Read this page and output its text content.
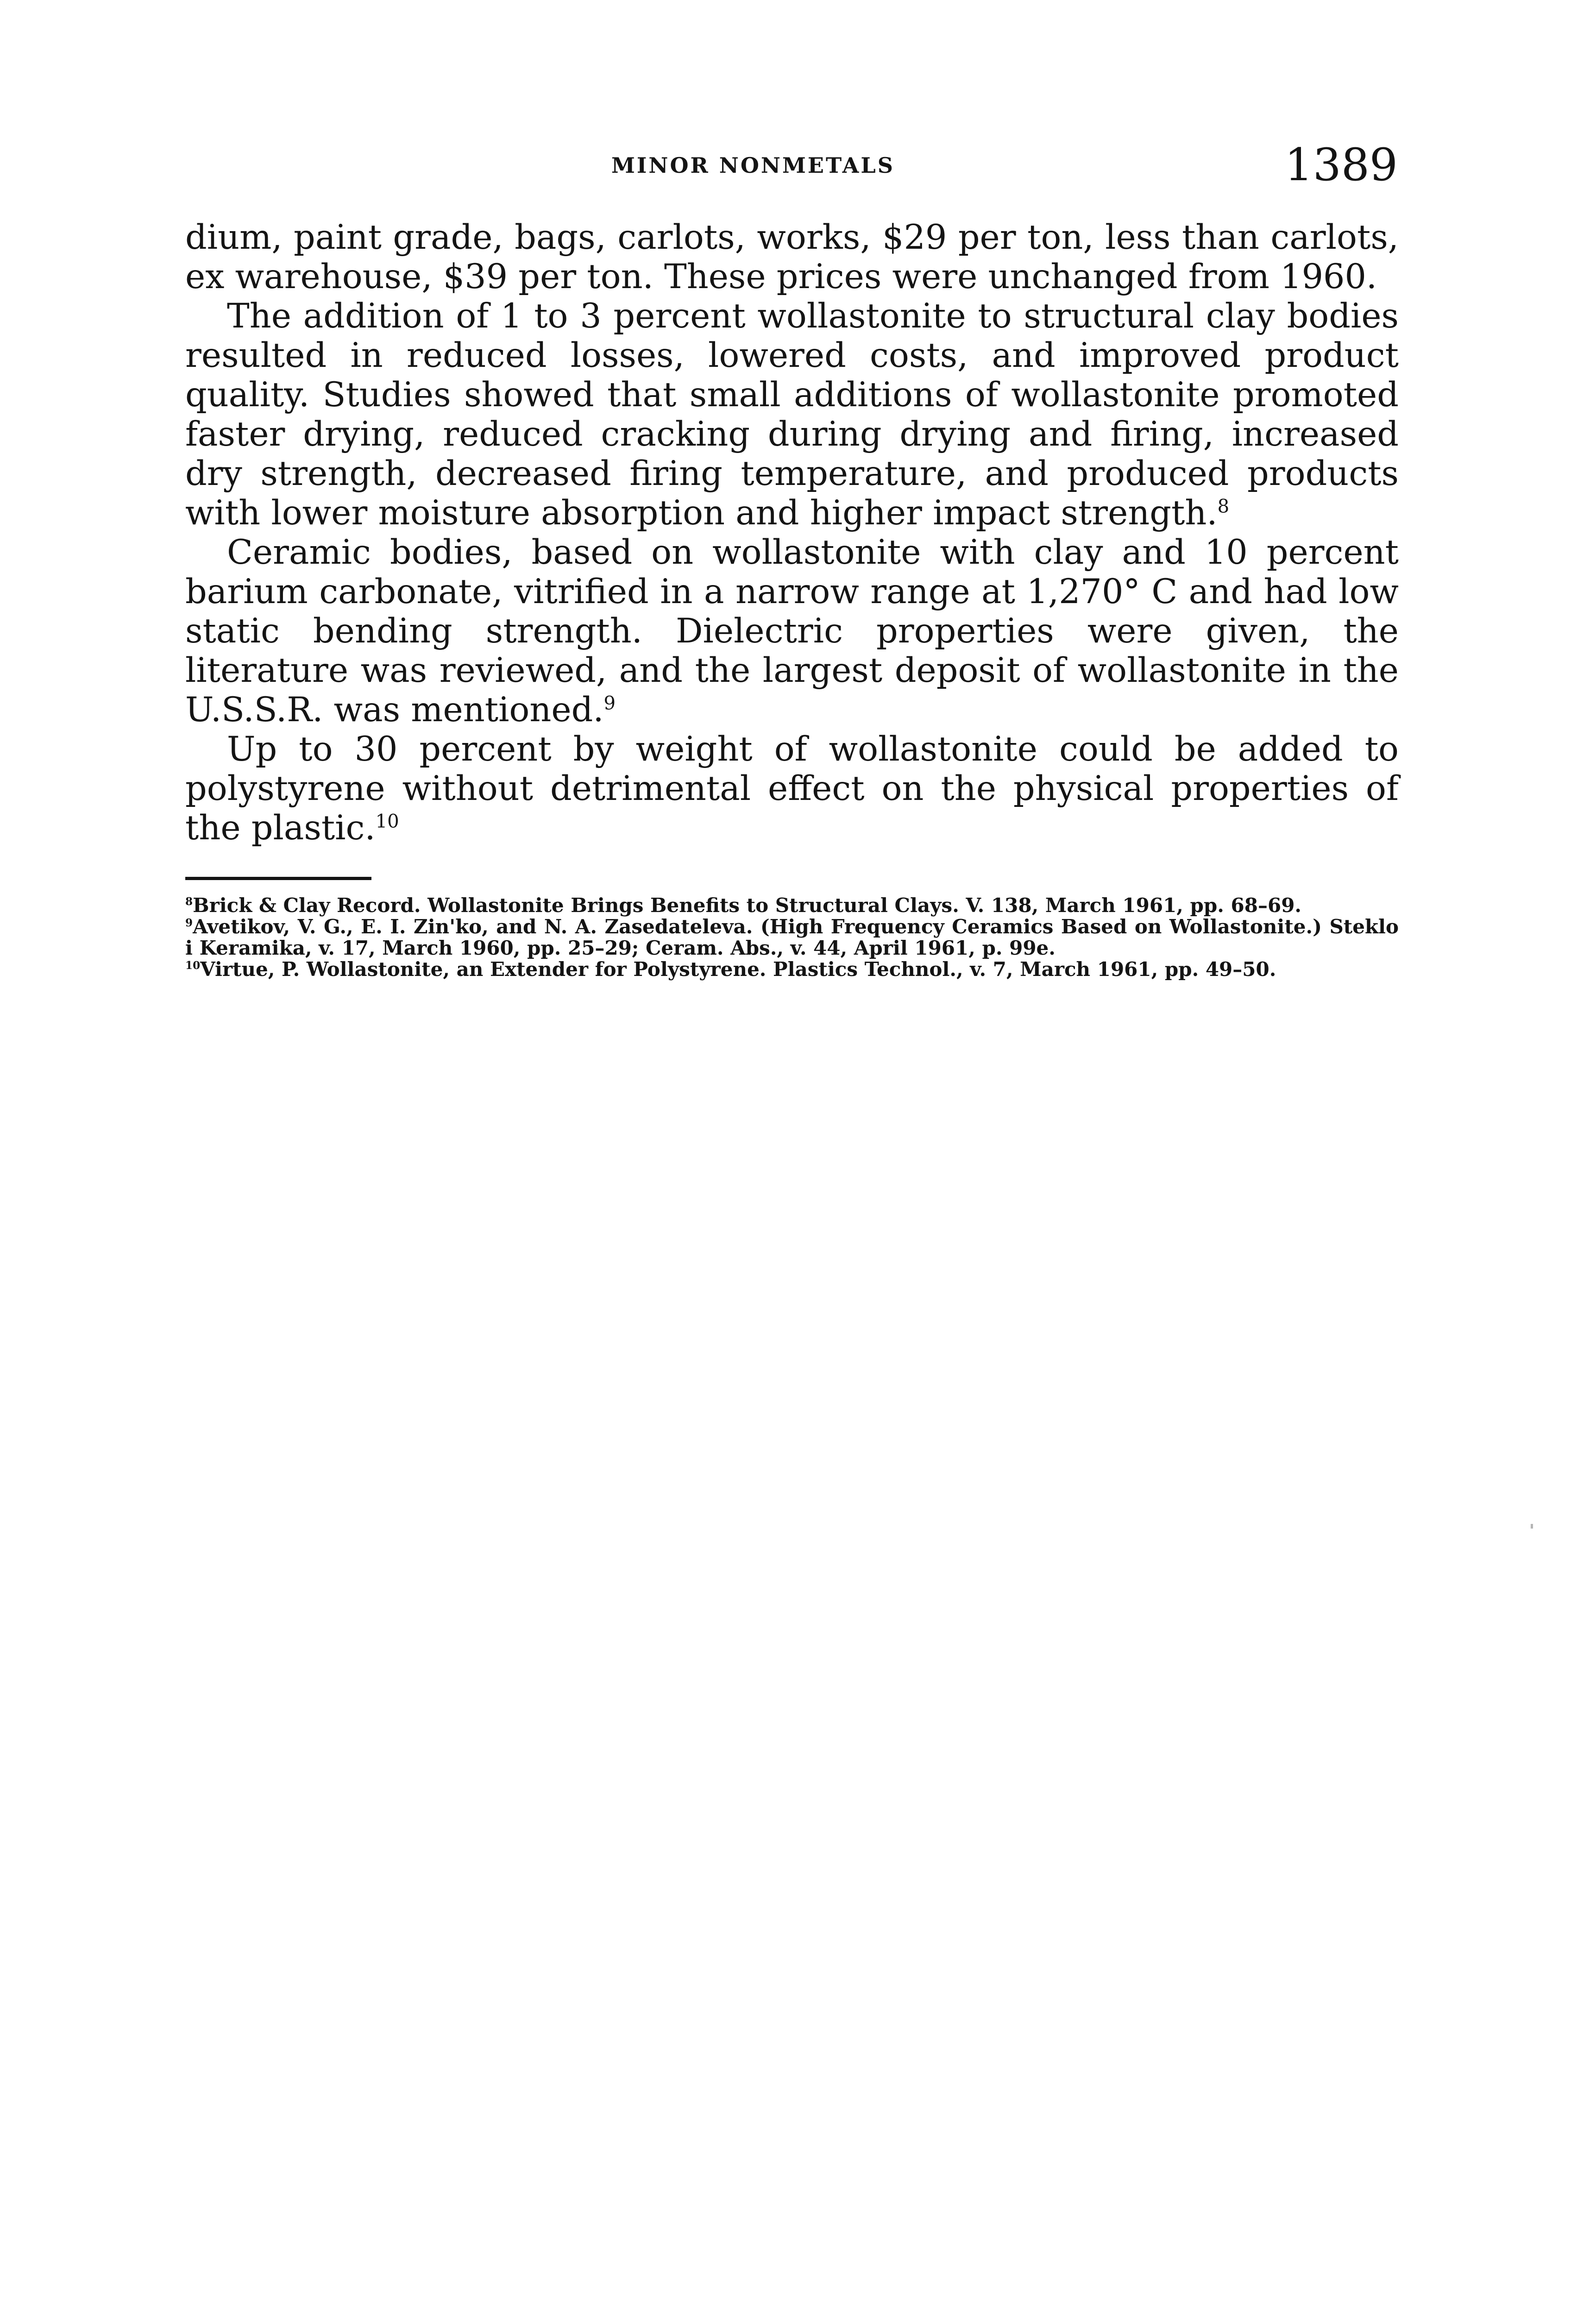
MINOR NONMETALS	1389

dium, paint grade, bags, carlots, works, $29 per ton, less than carlots, ex warehouse, $39 per ton. These prices were unchanged from 1960.

The addition of 1 to 3 percent wollastonite to structural clay bodies resulted in reduced losses, lowered costs, and improved product quality. Studies showed that small additions of wollastonite promoted faster drying, reduced cracking during drying and firing, increased dry strength, decreased firing temperature, and produced products with lower moisture absorption and higher impact strength.$^8$

Ceramic bodies, based on wollastonite with clay and 10 percent barium carbonate, vitrified in a narrow range at 1,270° C and had low static bending strength. Dielectric properties were given, the literature was reviewed, and the largest deposit of wollastonite in the U.S.S.R. was mentioned.$^9$

Up to 30 percent by weight of wollastonite could be added to polystyrene without detrimental effect on the physical properties of the plastic.$^{10}$

$^8$Brick & Clay Record. Wollastonite Brings Benefits to Structural Clays. V. 138, March 1961, pp. 68–69.

$^9$Avetikov, V. G., E. I. Zin'ko, and N. A. Zasedateleva. (High Frequency Ceramics Based on Wollastonite.) Steklo i Keramika, v. 17, March 1960, pp. 25–29; Ceram. Abs., v. 44, April 1961, p. 99e.

$^{10}$Virtue, P. Wollastonite, an Extender for Polystyrene. Plastics Technol., v. 7, March 1961, pp. 49–50.
